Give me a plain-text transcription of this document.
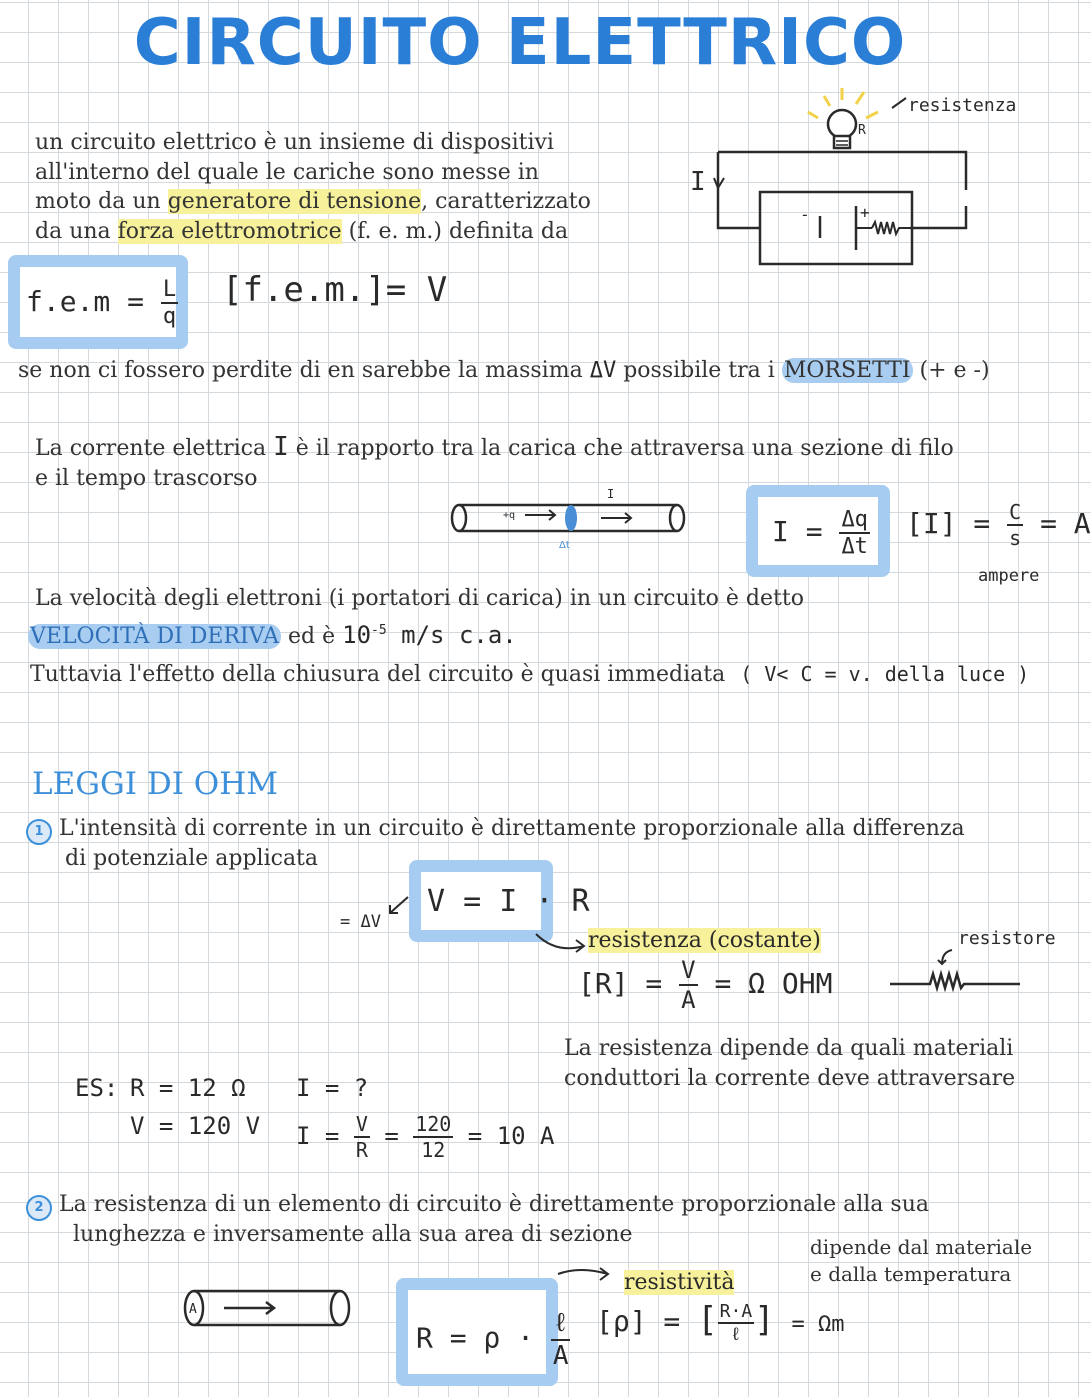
CIRCUITO ELETTRICO
un circuito elettrico è un insieme di dispositivi
all'interno del quale le cariche sono messe in
moto da un generatore di tensione, caratterizzato
da una forza elettromotrice (f. e. m.) definita da
R
resistenza
-	+
I
$f.e.m = \frac{L}{q} [f.e.m.]= V$
se non ci fossero perdite di en sarebbe la massima ΔV possibile tra i MORSETTI (+ e -)
La corrente elettrica I è il rapporto tra la carica che attraversa una sezione di filo
e il tempo trascorso
+q
I
Δt	$I = \frac{\Delta q}{\Delta t} [I] = \frac{C}{s} = A$
ampere
La velocità degli elettroni (i portatori di carica) in un circuito è detto
VELOCITÀ DI DERIVA ed è $10^{-5}$ m/s c.a.
Tuttavia l'effetto della chiusura del circuito è quasi immediata ( V< C = v. della luce )
LEGGI DI OHM
1 L'intensità di corrente in un circuito è direttamente proporzionale alla differenza
di potenziale applicata
= ΔV
V = I · R
resistenza (costante)
$[R] = \frac{V}{A} = \Omega$ OHM
resistore
La resistenza dipende da quali materiali
conduttori la corrente deve attraversare
ES: R = 12 Ω
V = 120 V
I = ?
$I = \frac{V}{R} = \frac{120}{12} = 10$ A
2 La resistenza di un elemento di circuito è direttamente proporzionale alla sua
lunghezza e inversamente alla sua area di sezione	dipende dal materiale
e dalla temperatura
resistività
A
$R = \rho \cdot \frac{\text{ℓ}}{A} [\rho]$ = [ $\frac{R\cdot A}{\text{ℓ}}$ ] = Ωm
